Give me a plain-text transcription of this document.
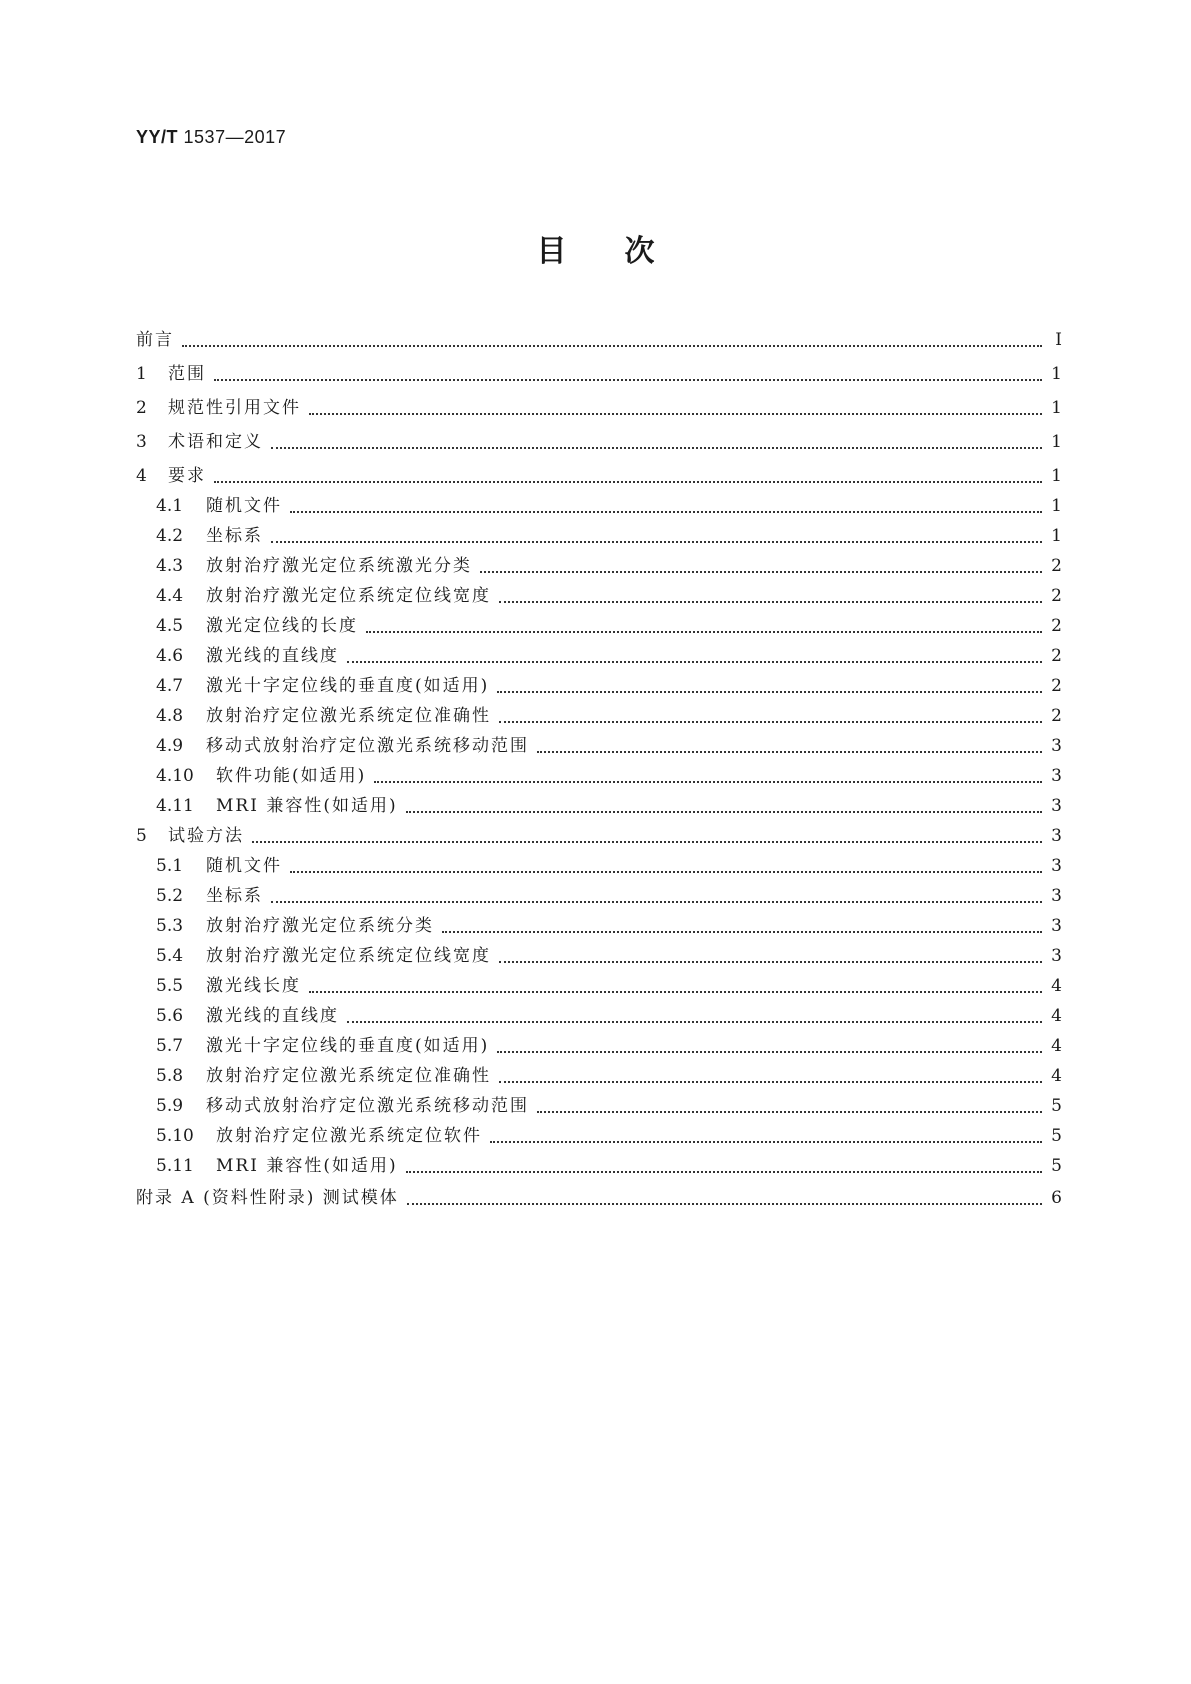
YY/T 1537—2017
目次
前言	Ⅰ
1	范围	1
2	规范性引用文件	1
3	术语和定义	1
4	要求	1
4.1	随机文件	1
4.2	坐标系	1
4.3	放射治疗激光定位系统激光分类	2
4.4	放射治疗激光定位系统定位线宽度	2
4.5	激光定位线的长度	2
4.6	激光线的直线度	2
4.7	激光十字定位线的垂直度(如适用)	2
4.8	放射治疗定位激光系统定位准确性	2
4.9	移动式放射治疗定位激光系统移动范围	3
4.10	软件功能(如适用)	3
4.11	MRI 兼容性(如适用)	3
5	试验方法	3
5.1	随机文件	3
5.2	坐标系	3
5.3	放射治疗激光定位系统分类	3
5.4	放射治疗激光定位系统定位线宽度	3
5.5	激光线长度	4
5.6	激光线的直线度	4
5.7	激光十字定位线的垂直度(如适用)	4
5.8	放射治疗定位激光系统定位准确性	4
5.9	移动式放射治疗定位激光系统移动范围	5
5.10	放射治疗定位激光系统定位软件	5
5.11	MRI 兼容性(如适用)	5
附录 A (资料性附录) 测试模体	6
